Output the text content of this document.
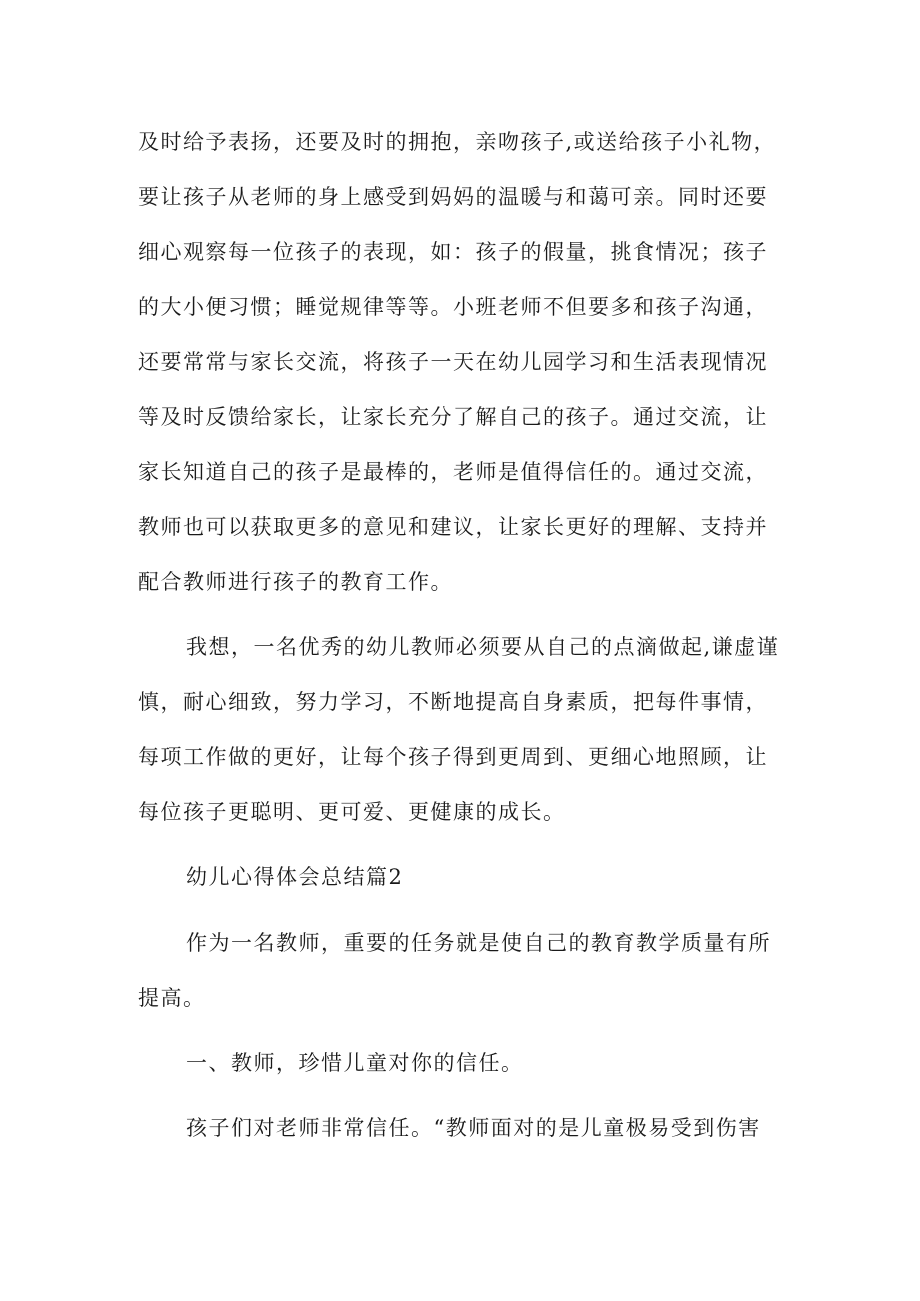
及时给予表扬，还要及时的拥抱，亲吻孩子,或送给孩子小礼物，
要让孩子从老师的身上感受到妈妈的温暖与和蔼可亲。同时还要
细心观察每一位孩子的表现，如：孩子的假量，挑食情况；孩子
的大小便习惯；睡觉规律等等。小班老师不但要多和孩子沟通，
还要常常与家长交流，将孩子一天在幼儿园学习和生活表现情况
等及时反馈给家长，让家长充分了解自己的孩子。通过交流，让
家长知道自己的孩子是最棒的，老师是值得信任的。通过交流，
教师也可以获取更多的意见和建议，让家长更好的理解、支持并
配合教师进行孩子的教育工作。
我想，一名优秀的幼儿教师必须要从自己的点滴做起,谦虚谨
慎，耐心细致，努力学习，不断地提高自身素质，把每件事情，
每项工作做的更好，让每个孩子得到更周到、更细心地照顾，让
每位孩子更聪明、更可爱、更健康的成长。
幼儿心得体会总结篇2
作为一名教师，重要的任务就是使自己的教育教学质量有所
提高。
一、教师，珍惜儿童对你的信任。
孩子们对老师非常信任。“教师面对的是儿童极易受到伤害
